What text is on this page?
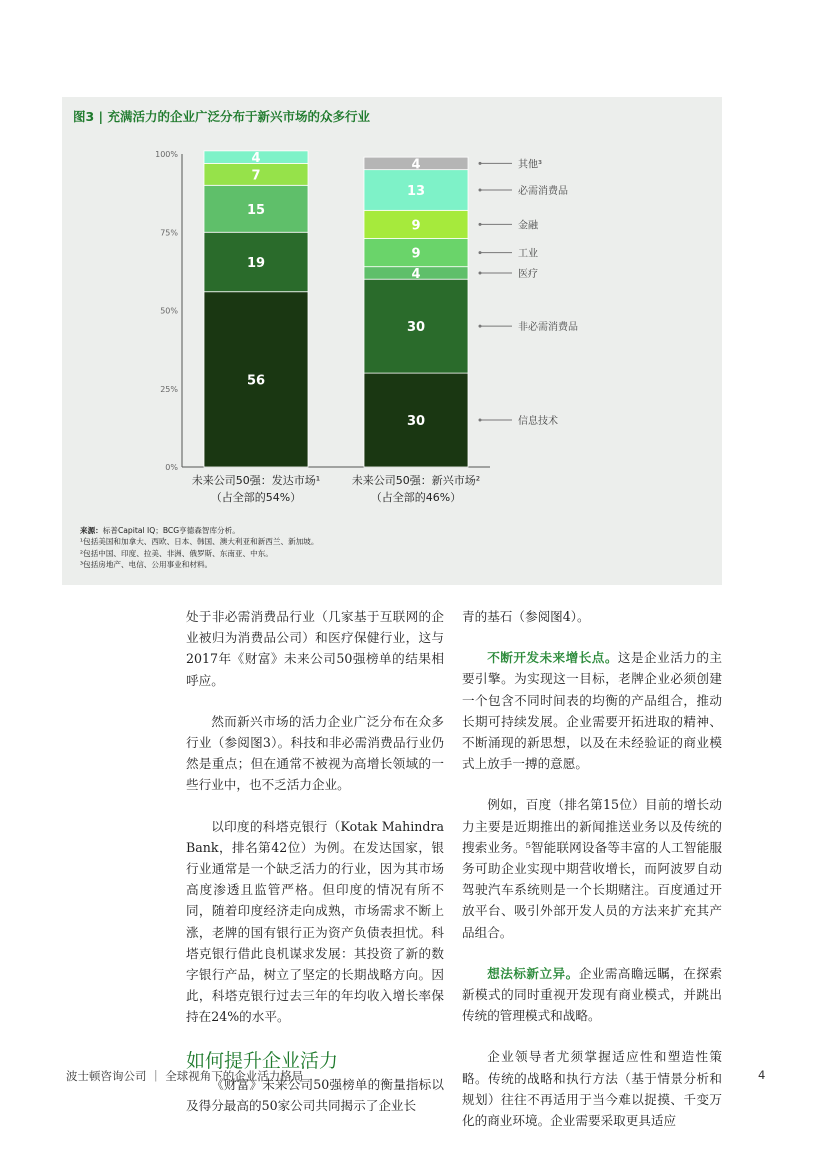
图3 | 充满活力的企业广泛分布于新兴市场的众多行业
0%
25%
50%
75%
100%
56
19
15
7
4
未来公司50强：发达市场¹
（占全部的54%）
30	信息技术
30	非必需消费品
4	医疗
9	工业
9	金融
13	必需消费品
4	其他³
未来公司50强：新兴市场²
（占全部的46%）
来源：标普Capital IQ；BCG亨德森智库分析。
¹包括美国和加拿大、西欧、日本、韩国、澳大利亚和新西兰、新加坡。
²包括中国、印度、拉美、非洲、俄罗斯、东南亚、中东。
³包括房地产、电信、公用事业和材料。

处于非必需消费品行业（几家基于互联网的企业被归为消费品公司）和医疗保健行业，这与 2017年《财富》未来公司50强榜单的结果相呼应。

然而新兴市场的活力企业广泛分布在众多行业（参阅图3）。科技和非必需消费品行业仍然是重点；但在通常不被视为高增长领域的一些行业中，也不乏活力企业。

以印度的科塔克银行（Kotak Mahindra Bank，排名第42位）为例。在发达国家，银行业通常是一个缺乏活力的行业，因为其市场高度渗透且监管严格。但印度的情况有所不同，随着印度经济走向成熟，市场需求不断上涨，老牌的国有银行正为资产负债表担忧。科塔克银行借此良机谋求发展：其投资了新的数字银行产品，树立了坚定的长期战略方向。因此，科塔克银行过去三年的年均收入增长率保持在24%的水平。

如何提升企业活力

《财富》未来公司50强榜单的衡量指标以及得分最高的50家公司共同揭示了企业长

青的基石（参阅图4）。

不断开发未来增长点。这是企业活力的主要引擎。为实现这一目标，老牌企业必须创建一个包含不同时间表的均衡的产品组合，推动长期可持续发展。企业需要开拓进取的精神、不断涌现的新思想，以及在未经验证的商业模式上放手一搏的意愿。

例如，百度（排名第15位）目前的增长动力主要是近期推出的新闻推送业务以及传统的搜索业务。⁵智能联网设备等丰富的人工智能服务可助企业实现中期营收增长，而阿波罗自动驾驶汽车系统则是一个长期赌注。百度通过开放平台、吸引外部开发人员的方法来扩充其产品组合。

想法标新立异。企业需高瞻远瞩，在探索新模式的同时重视开发现有商业模式，并跳出传统的管理模式和战略。

企业领导者尤须掌握适应性和塑造性策略。传统的战略和执行方法（基于情景分析和规划）往往不再适用于当今难以捉摸、千变万化的商业环境。企业需要采取更具适应

波士顿咨询公司 ｜ 全球视角下的企业活力格局	4
